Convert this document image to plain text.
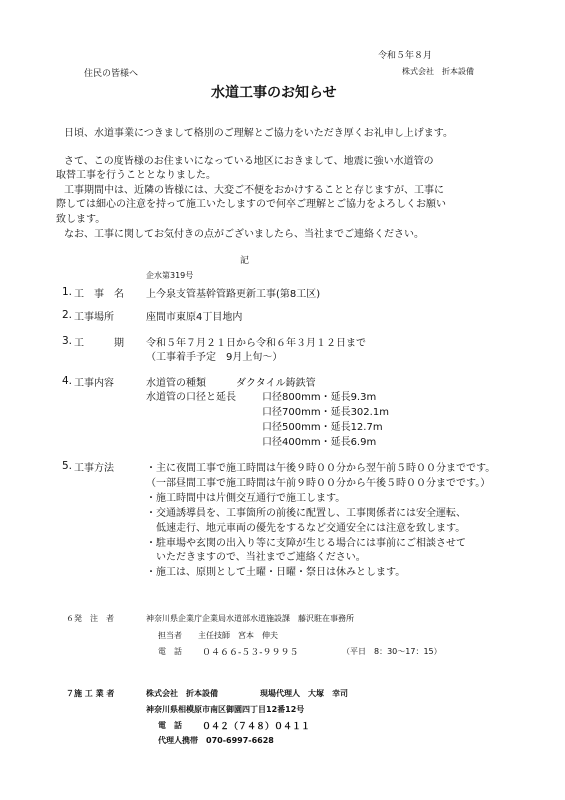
令和５年８月
住民の皆様へ	株式会社　折本設備
水道工事のお知らせ
日頃、水道事業につきまして格別のご理解とご協力をいただき厚くお礼申し上げます。
さて、この度皆様のお住まいになっている地区におきまして、地震に強い水道管の
取替工事を行うこととなりました。
工事期間中は、近隣の皆様には、大変ご不便をおかけすることと存じますが、工事に
際しては細心の注意を持って施工いたしますので何卒ご理解とご協力をよろしくお願い
致します。
なお、工事に関してお気付きの点がございましたら、当社までご連絡ください。
記
企水第319号
1. 工　事　名 上今泉支管基幹管路更新工事(第8工区)
2. 工事場所	座間市東原4丁目地内
3. 工　　　期 令和５年７月２１日から令和６年３月１２日まで
（工事着手予定　9月上旬～）
4. 工事内容	水道管の種類	ダクタイル鋳鉄管
水道管の口径と延長	口径800mm・延長9.3m
口径700mm・延長302.1m
口径500mm・延長12.7m
口径400mm・延長6.9m
5. 工事方法	・主に夜間工事で施工時間は午後９時００分から翌午前５時００分までです。
（一部昼間工事で施工時間は午前９時００分から午後５時００分までです。）
・施工時間中は片側交互通行で施工します。
・交通誘導員を、工事箇所の前後に配置し、工事関係者には安全運転、
　低速走行、地元車両の優先をするなど交通安全には注意を致します。
・駐車場や玄関の出入り等に支障が生じる場合には事前にご相談させて
　いただきますので、当社までご連絡ください。
・施工は、原則として土曜・日曜・祭日は休みとします。
６発　注　者	神奈川県企業庁企業局水道部水道施設課　藤沢駐在事務所
担当者　　主任技師　宮本　伸夫
電　話 ０４６６-５３-９９９５	（平日　8：30～17：15）
７施 工 業 者	株式会社　折本設備	現場代理人　大塚　幸司
神奈川県相模原市南区御園四丁目12番12号
電　話 ０４２（７４８）０４１１
代理人携帯　070-6997-6628
